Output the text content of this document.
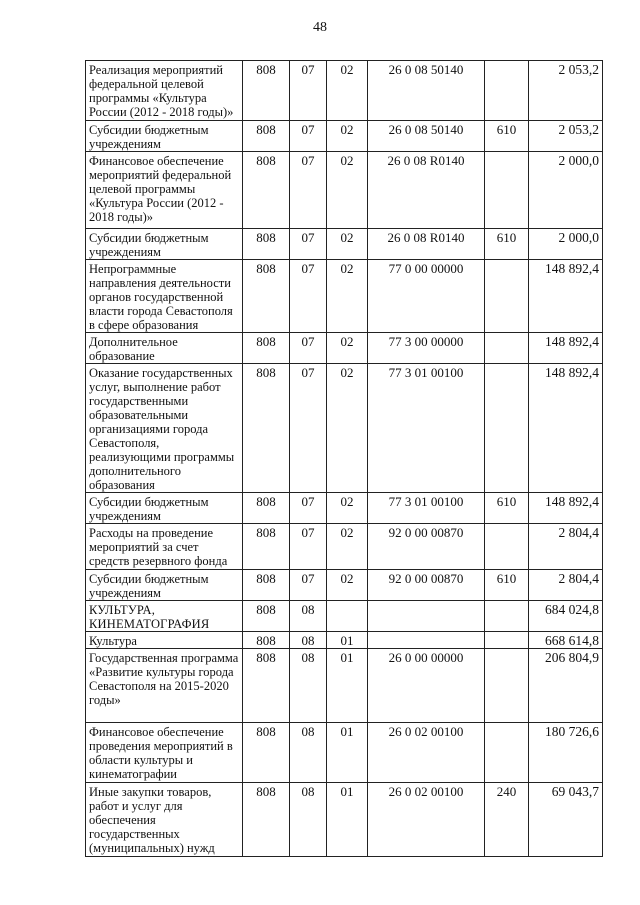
48
Реализация мероприятий федеральной целевой программы «Культура России (2012 - 2018 годы)»	808	07	02	26 0 08 50140		2 053,2
Субсидии бюджетным учреждениям	808	07	02	26 0 08 50140	610	2 053,2
Финансовое обеспечение мероприятий федеральной целевой программы «Культура России (2012 - 2018 годы)»	808	07	02	26 0 08 R0140		2 000,0
Субсидии бюджетным учреждениям	808	07	02	26 0 08 R0140	610	2 000,0
Непрограммные направления деятельности органов государственной власти города Севастополя в сфере образования	808	07	02	77 0 00 00000		148 892,4
Дополнительное образование	808	07	02	77 3 00 00000		148 892,4
Оказание государственных услуг, выполнение работ государственными образовательными организациями города Севастополя, реализующими программы дополнительного образования	808	07	02	77 3 01 00100		148 892,4
Субсидии бюджетным учреждениям	808	07	02	77 3 01 00100	610	148 892,4
Расходы на проведение мероприятий за счет средств резервного фонда	808	07	02	92 0 00 00870		2 804,4
Субсидии бюджетным учреждениям	808	07	02	92 0 00 00870	610	2 804,4
КУЛЬТУРА, КИНЕМАТОГРАФИЯ	808	08				684 024,8
Культура	808	08	01			668 614,8
Государственная программа «Развитие культуры города Севастополя на 2015-2020 годы»	808	08	01	26 0 00 00000		206 804,9
Финансовое обеспечение проведения мероприятий в области культуры и кинематографии	808	08	01	26 0 02 00100		180 726,6
Иные закупки товаров, работ и услуг для обеспечения государственных (муниципальных) нужд	808	08	01	26 0 02 00100	240	69 043,7
